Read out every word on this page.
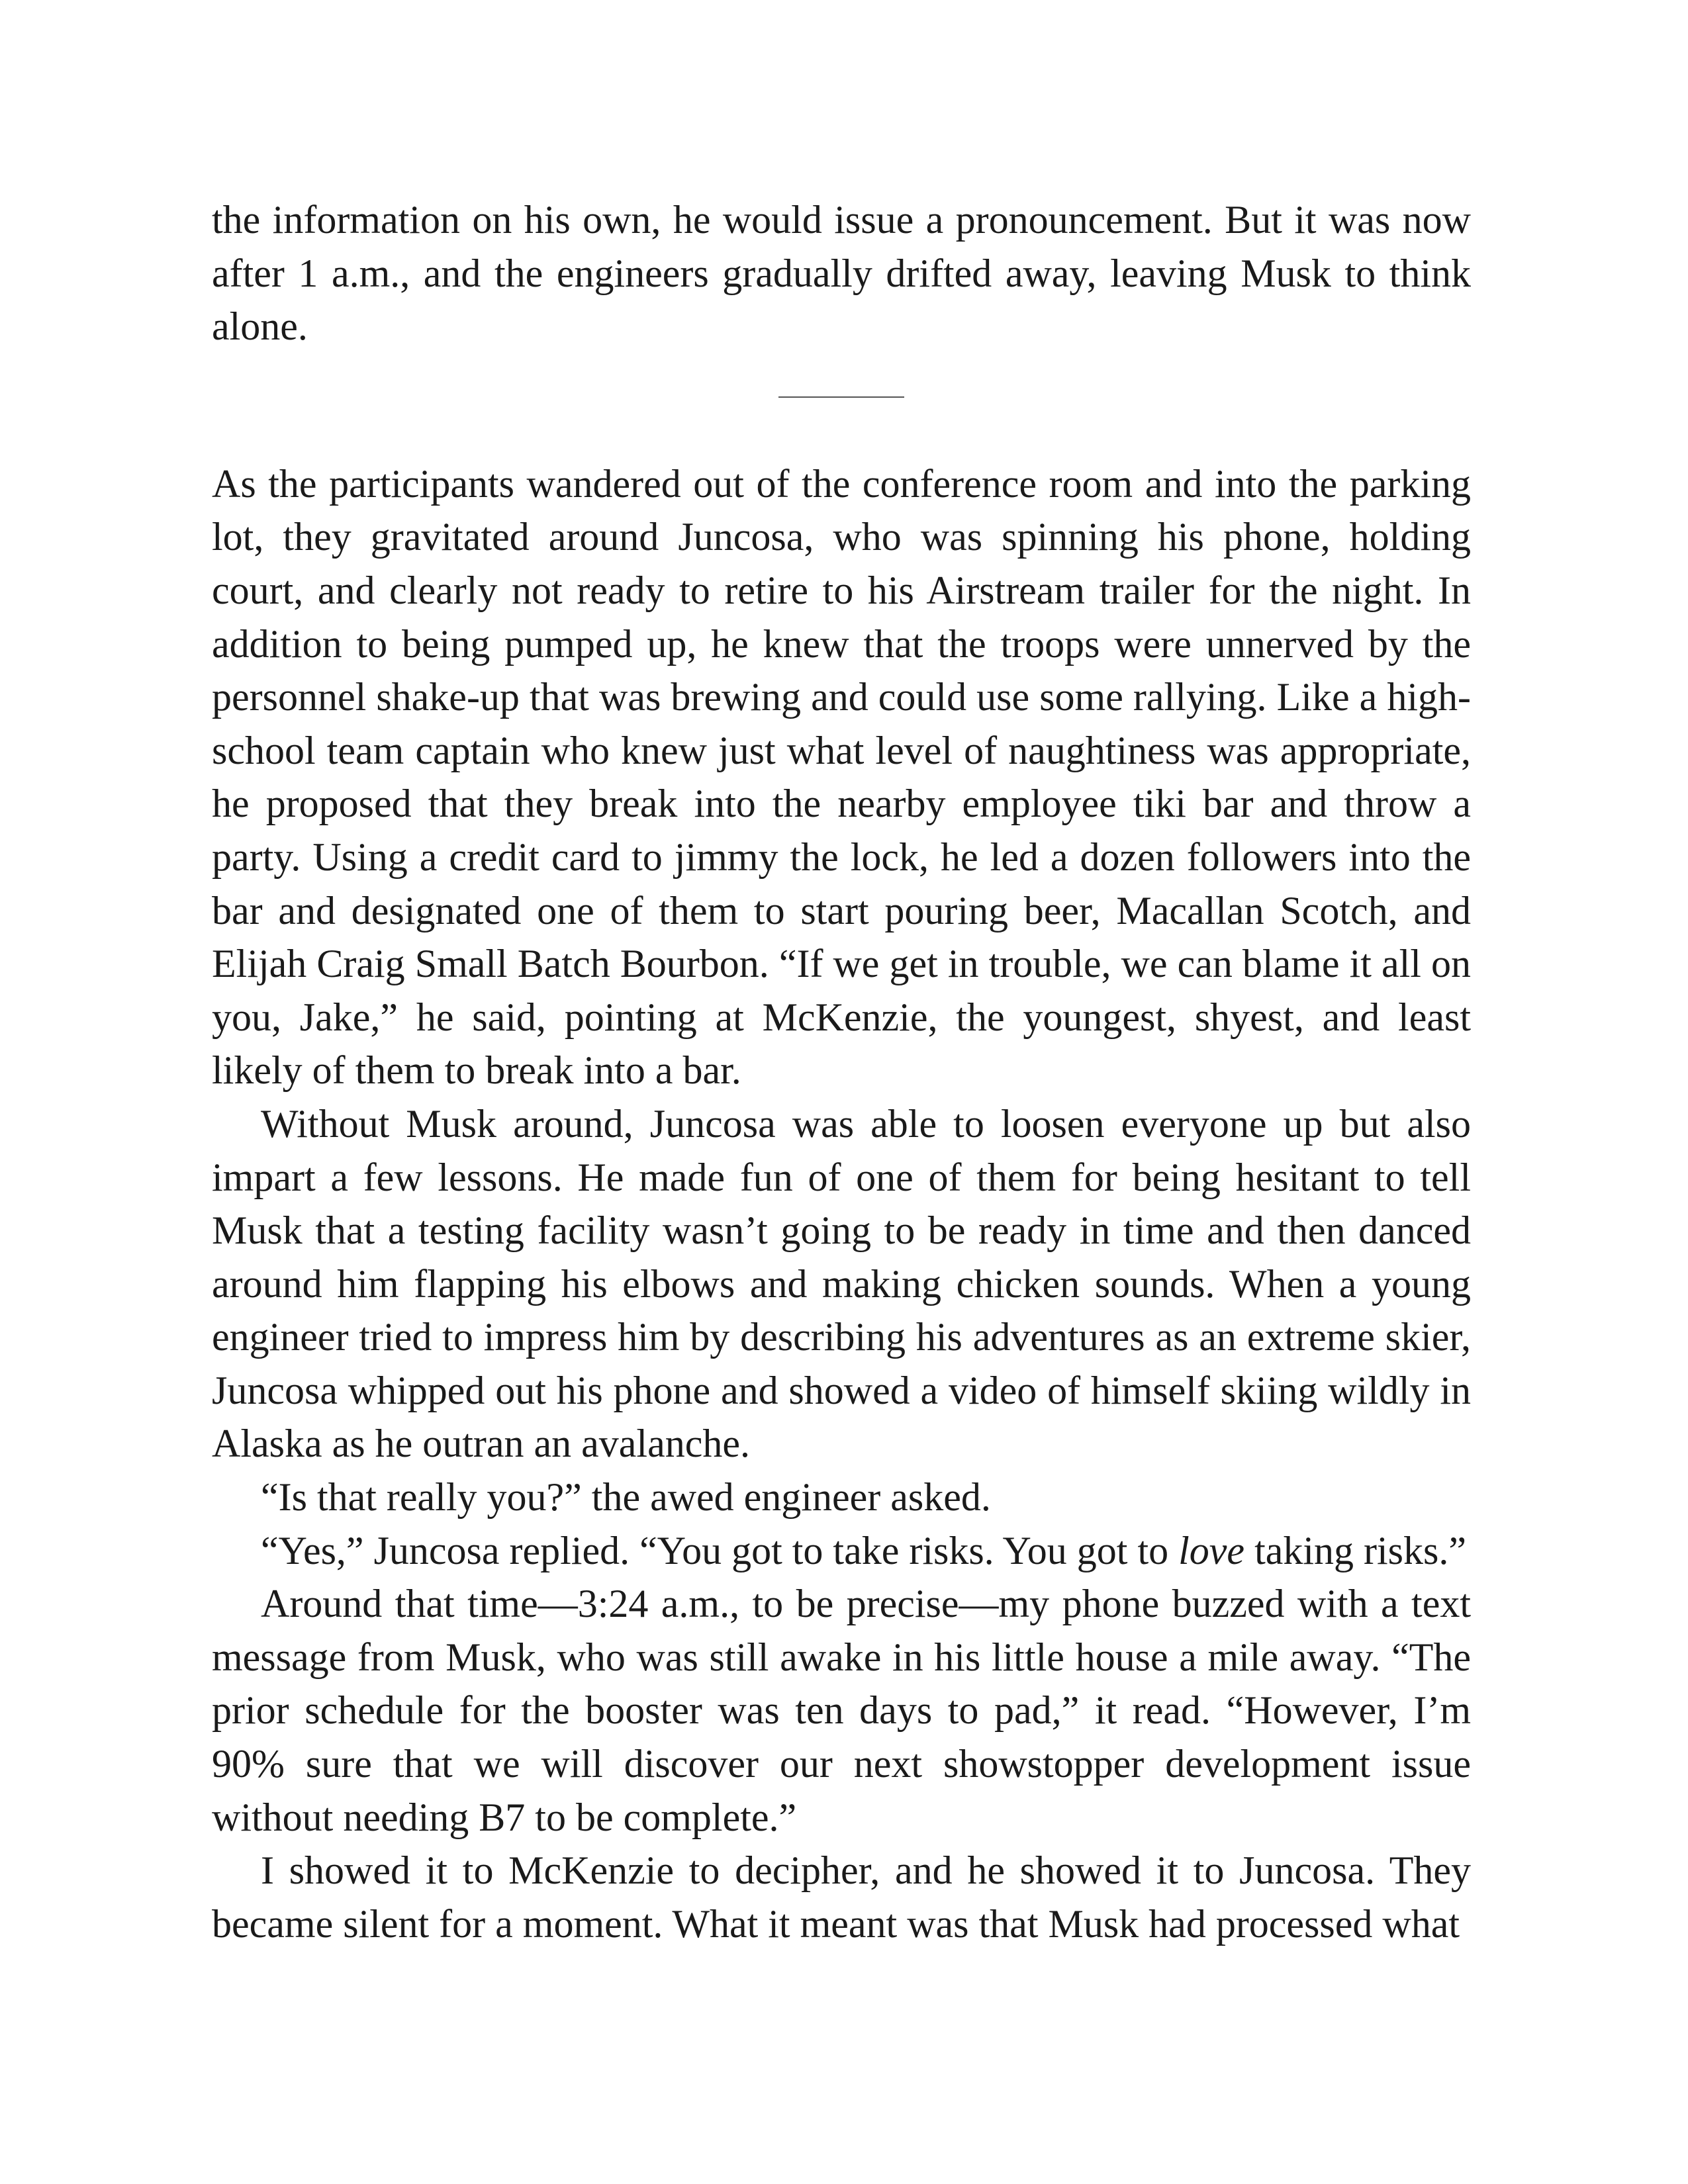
the information on his own, he would issue a pronouncement. But it was now after 1 a.m., and the engineers gradually drifted away, leaving Musk to think alone.

As the participants wandered out of the conference room and into the parking lot, they gravitated around Juncosa, who was spinning his phone, holding court, and clearly not ready to retire to his Airstream trailer for the night. In addition to being pumped up, he knew that the troops were unnerved by the personnel shake-up that was brewing and could use some rallying. Like a high-school team captain who knew just what level of naughtiness was appropriate, he proposed that they break into the nearby employee tiki bar and throw a party. Using a credit card to jimmy the lock, he led a dozen followers into the bar and designated one of them to start pouring beer, Macallan Scotch, and Elijah Craig Small Batch Bourbon. “If we get in trouble, we can blame it all on you, Jake,” he said, pointing at McKenzie, the youngest, shyest, and least likely of them to break into a bar.

Without Musk around, Juncosa was able to loosen everyone up but also impart a few lessons. He made fun of one of them for being hesitant to tell Musk that a testing facility wasn’t going to be ready in time and then danced around him flapping his elbows and making chicken sounds. When a young engineer tried to impress him by describing his adventures as an extreme skier, Juncosa whipped out his phone and showed a video of himself skiing wildly in Alaska as he outran an avalanche.

“Is that really you?” the awed engineer asked.

“Yes,” Juncosa replied. “You got to take risks. You got to love taking risks.”

Around that time—3:24 a.m., to be precise—my phone buzzed with a text message from Musk, who was still awake in his little house a mile away. “The prior schedule for the booster was ten days to pad,” it read. “However, I’m 90% sure that we will discover our next showstopper development issue without needing B7 to be complete.”

I showed it to McKenzie to decipher, and he showed it to Juncosa. They became silent for a moment. What it meant was that Musk had processed what
